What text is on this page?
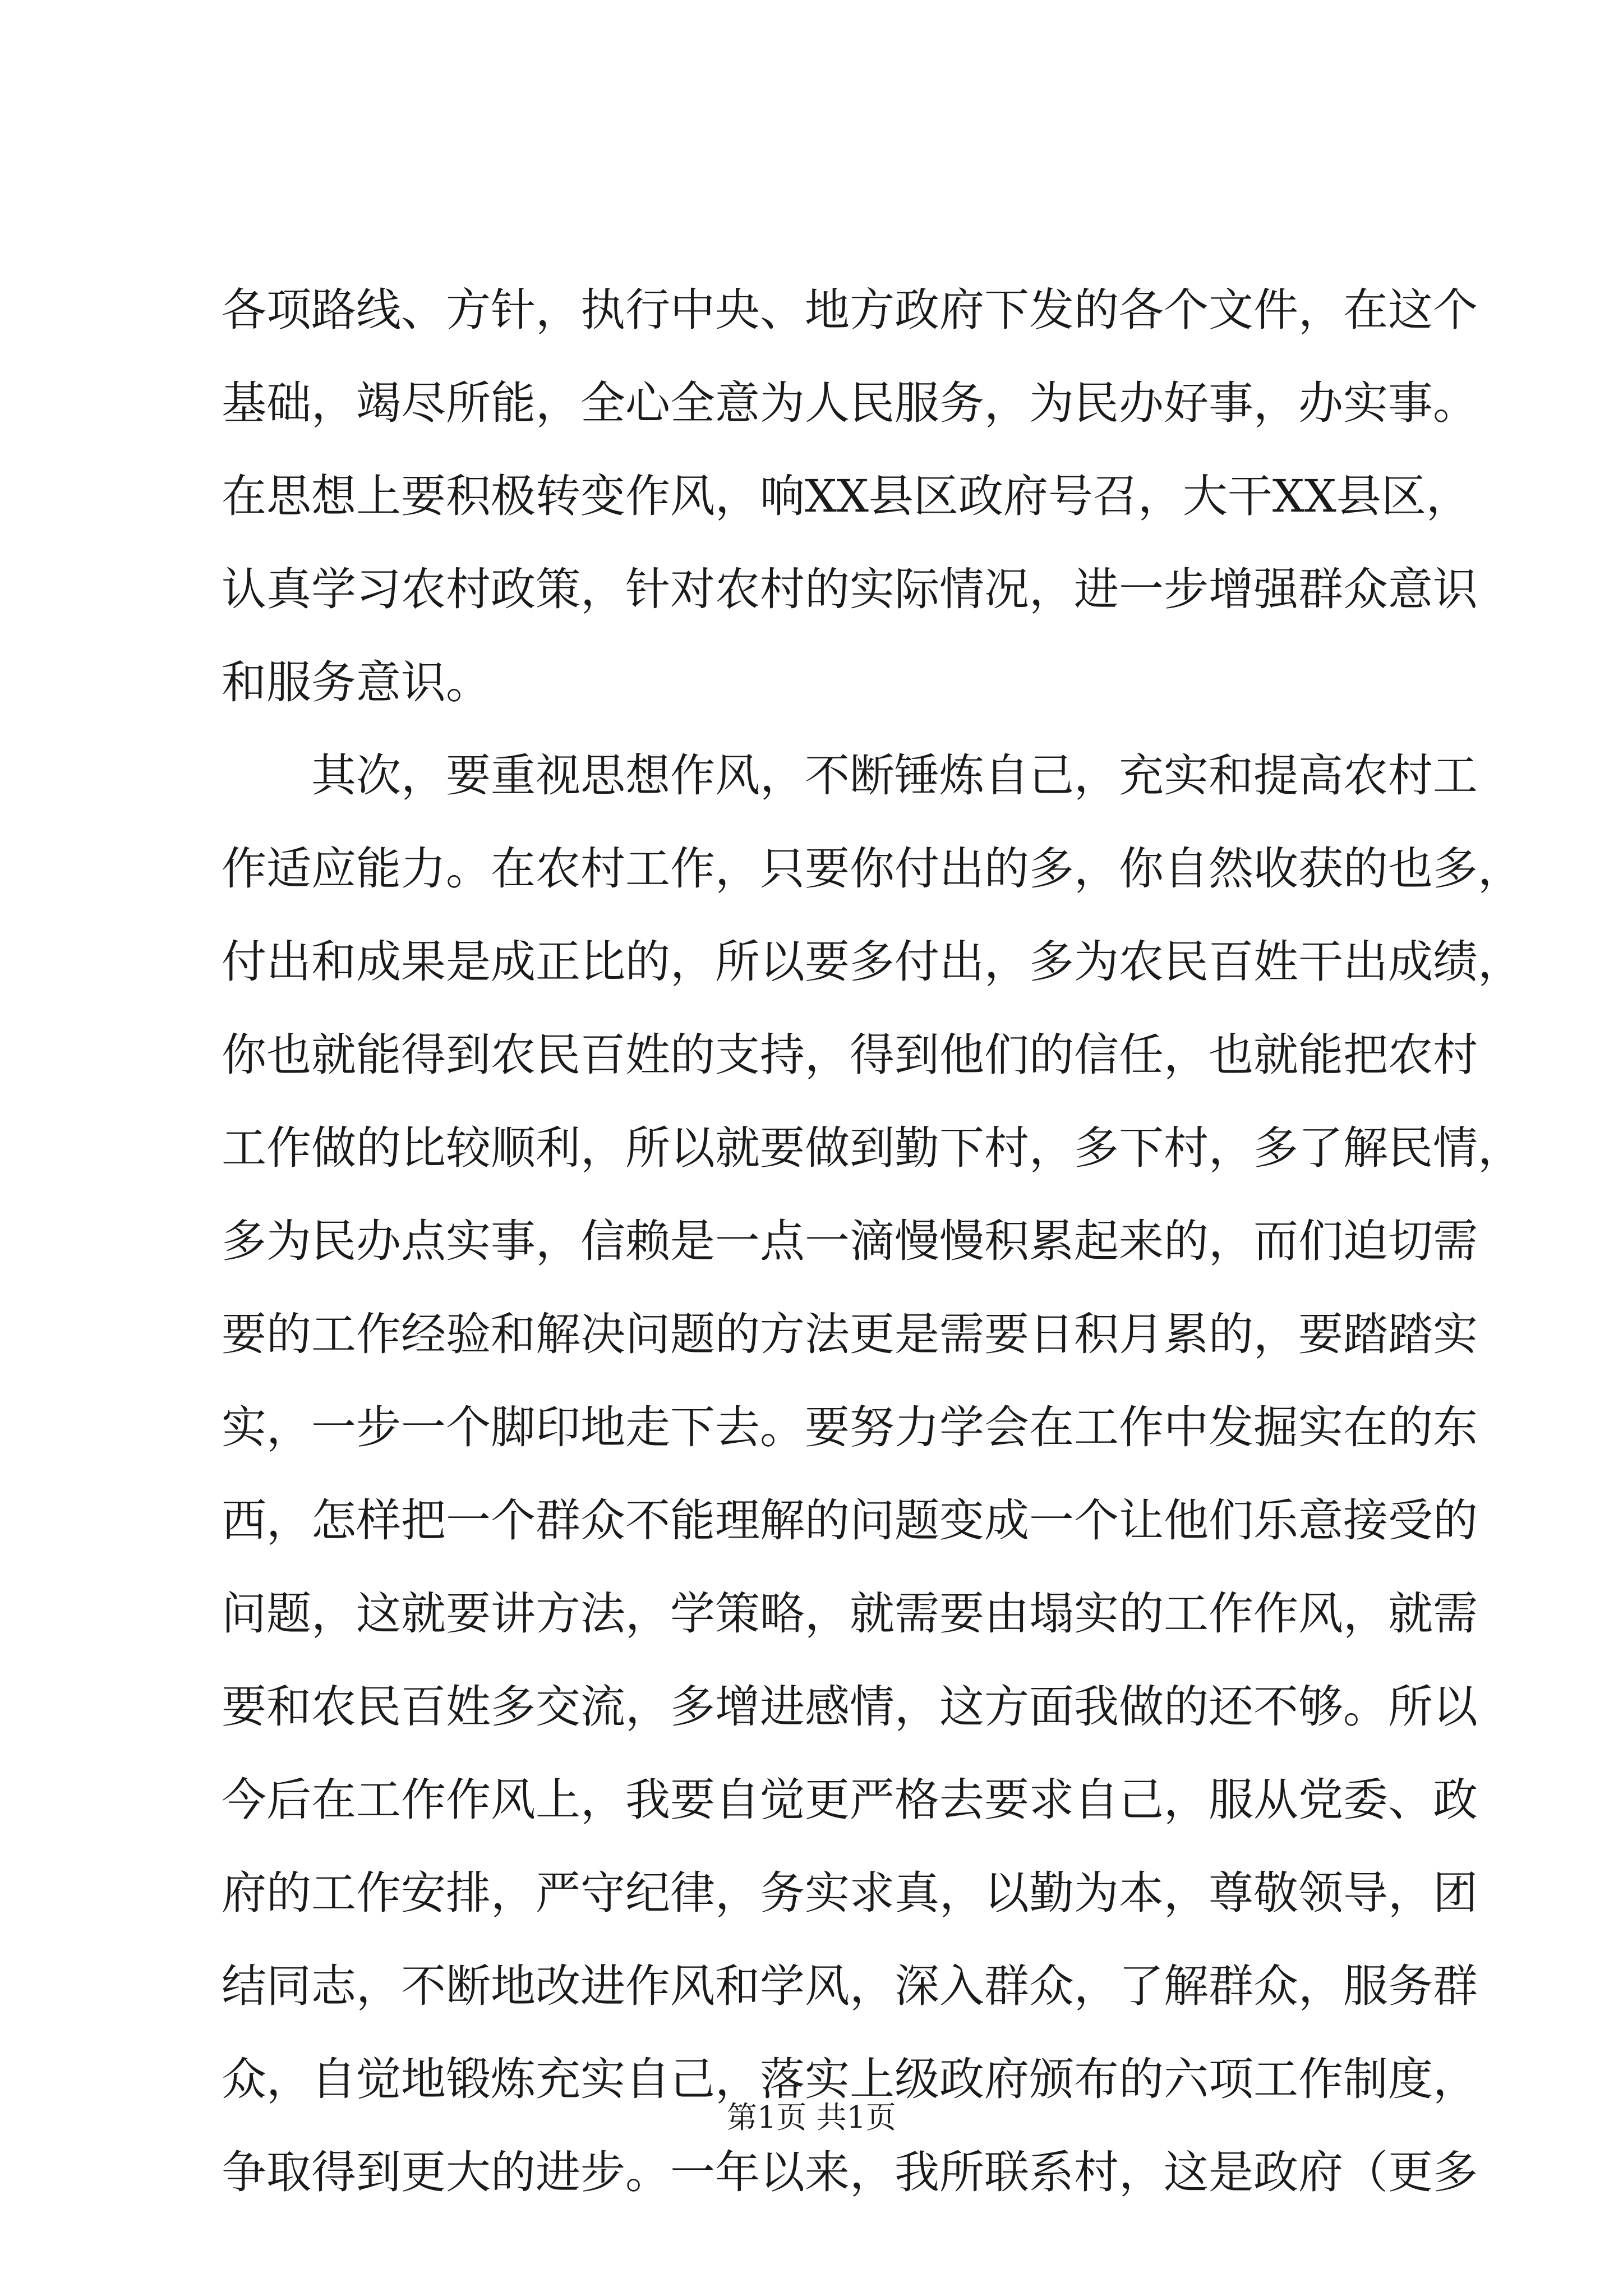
各项路线、方针，执行中央、地方政府下发的各个文件，在这个
基础，竭尽所能，全心全意为人民服务，为民办好事，办实事。
在思想上要积极转变作风，响XX县区政府号召，大干XX县区，
认真学习农村政策，针对农村的实际情况，进一步增强群众意识
和服务意识。
其次，要重视思想作风，不断锤炼自己，充实和提高农村工
作适应能力。在农村工作，只要你付出的多，你自然收获的也多，
付出和成果是成正比的，所以要多付出，多为农民百姓干出成绩，
你也就能得到农民百姓的支持，得到他们的信任，也就能把农村
工作做的比较顺利，所以就要做到勤下村，多下村，多了解民情，
多为民办点实事，信赖是一点一滴慢慢积累起来的，而们迫切需
要的工作经验和解决问题的方法更是需要日积月累的，要踏踏实
实，一步一个脚印地走下去。要努力学会在工作中发掘实在的东
西，怎样把一个群众不能理解的问题变成一个让他们乐意接受的
问题，这就要讲方法，学策略，就需要由塌实的工作作风，就需
要和农民百姓多交流，多增进感情，这方面我做的还不够。所以
今后在工作作风上，我要自觉更严格去要求自己，服从党委、政
府的工作安排，严守纪律，务实求真，以勤为本，尊敬领导，团
结同志，不断地改进作风和学风，深入群众，了解群众，服务群
众，自觉地锻炼充实自己，落实上级政府颁布的六项工作制度，
争取得到更大的进步。一年以来，我所联系村，这是政府（更多
第1页 共1页
